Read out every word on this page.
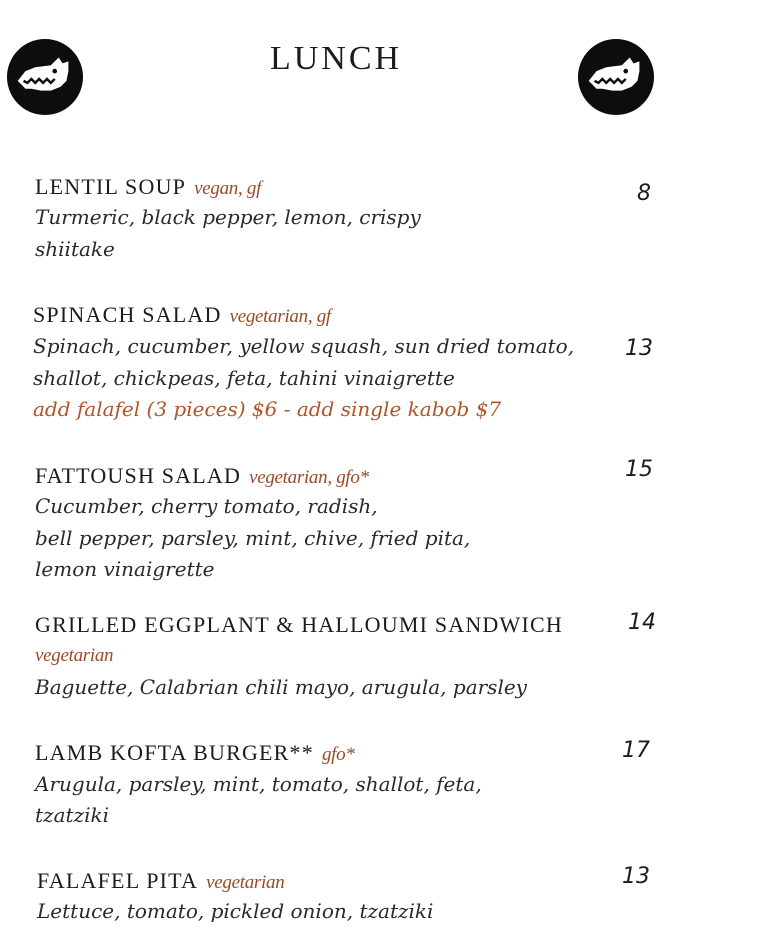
LUNCH
LENTIL SOUP vegan, gf
Turmeric, black pepper, lemon, crispy
shiitake
8
SPINACH SALAD vegetarian, gf
Spinach, cucumber, yellow squash, sun dried tomato,
shallot, chickpeas, feta, tahini vinaigrette
add falafel (3 pieces) $6 - add single kabob $7
13
FATTOUSH SALAD vegetarian, gfo*
Cucumber, cherry tomato, radish,
bell pepper, parsley, mint, chive, fried pita,
lemon vinaigrette
15
GRILLED EGGPLANT & HALLOUMI SANDWICH
vegetarian
Baguette, Calabrian chili mayo, arugula, parsley
14
LAMB KOFTA BURGER** gfo*
Arugula, parsley, mint, tomato, shallot, feta,
tzatziki
17
FALAFEL PITA vegetarian
Lettuce, tomato, pickled onion, tzatziki
13
